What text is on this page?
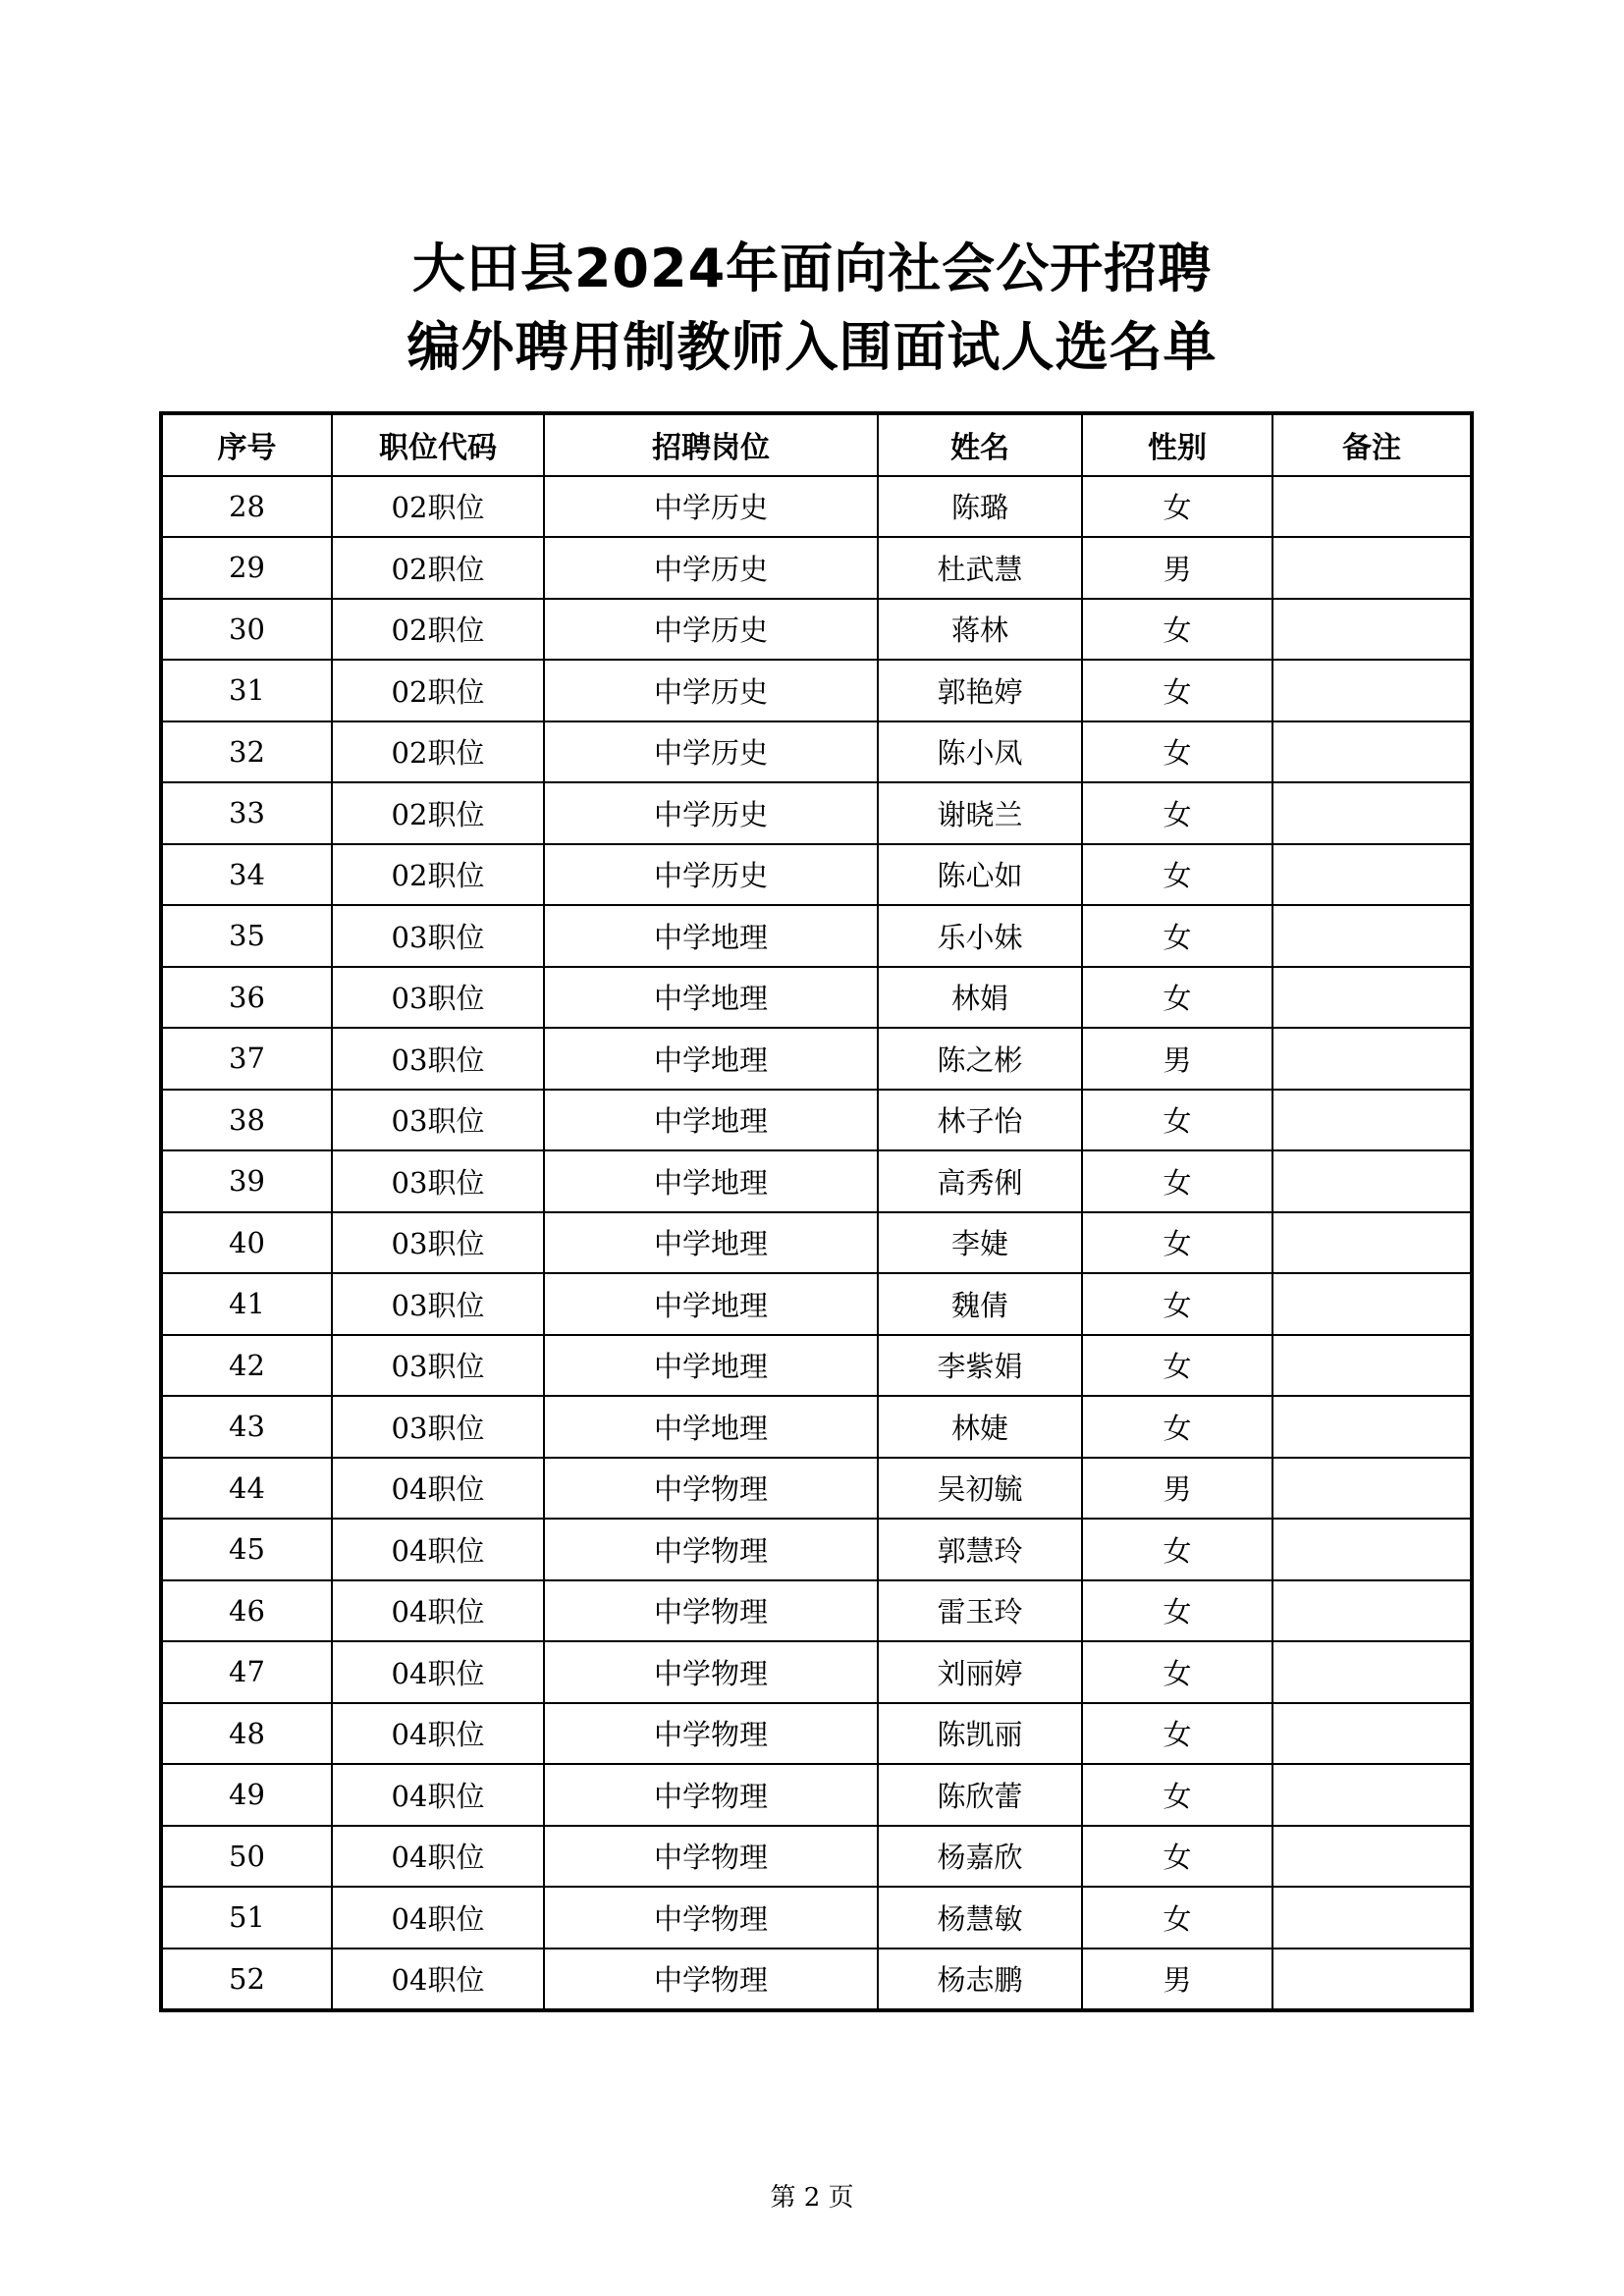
大田县2024年面向社会公开招聘
编外聘用制教师入围面试人选名单
序号	职位代码	招聘岗位	姓名	性别	备注
28	02职位	中学历史	陈璐	女	
29	02职位	中学历史	杜武慧	男	
30	02职位	中学历史	蒋林	女	
31	02职位	中学历史	郭艳婷	女	
32	02职位	中学历史	陈小凤	女	
33	02职位	中学历史	谢晓兰	女	
34	02职位	中学历史	陈心如	女	
35	03职位	中学地理	乐小妹	女	
36	03职位	中学地理	林娟	女	
37	03职位	中学地理	陈之彬	男	
38	03职位	中学地理	林子怡	女	
39	03职位	中学地理	高秀俐	女	
40	03职位	中学地理	李婕	女	
41	03职位	中学地理	魏倩	女	
42	03职位	中学地理	李紫娟	女	
43	03职位	中学地理	林婕	女	
44	04职位	中学物理	吴初毓	男	
45	04职位	中学物理	郭慧玲	女	
46	04职位	中学物理	雷玉玲	女	
47	04职位	中学物理	刘丽婷	女	
48	04职位	中学物理	陈凯丽	女	
49	04职位	中学物理	陈欣蕾	女	
50	04职位	中学物理	杨嘉欣	女	
51	04职位	中学物理	杨慧敏	女	
52	04职位	中学物理	杨志鹏	男	
第 2 页
